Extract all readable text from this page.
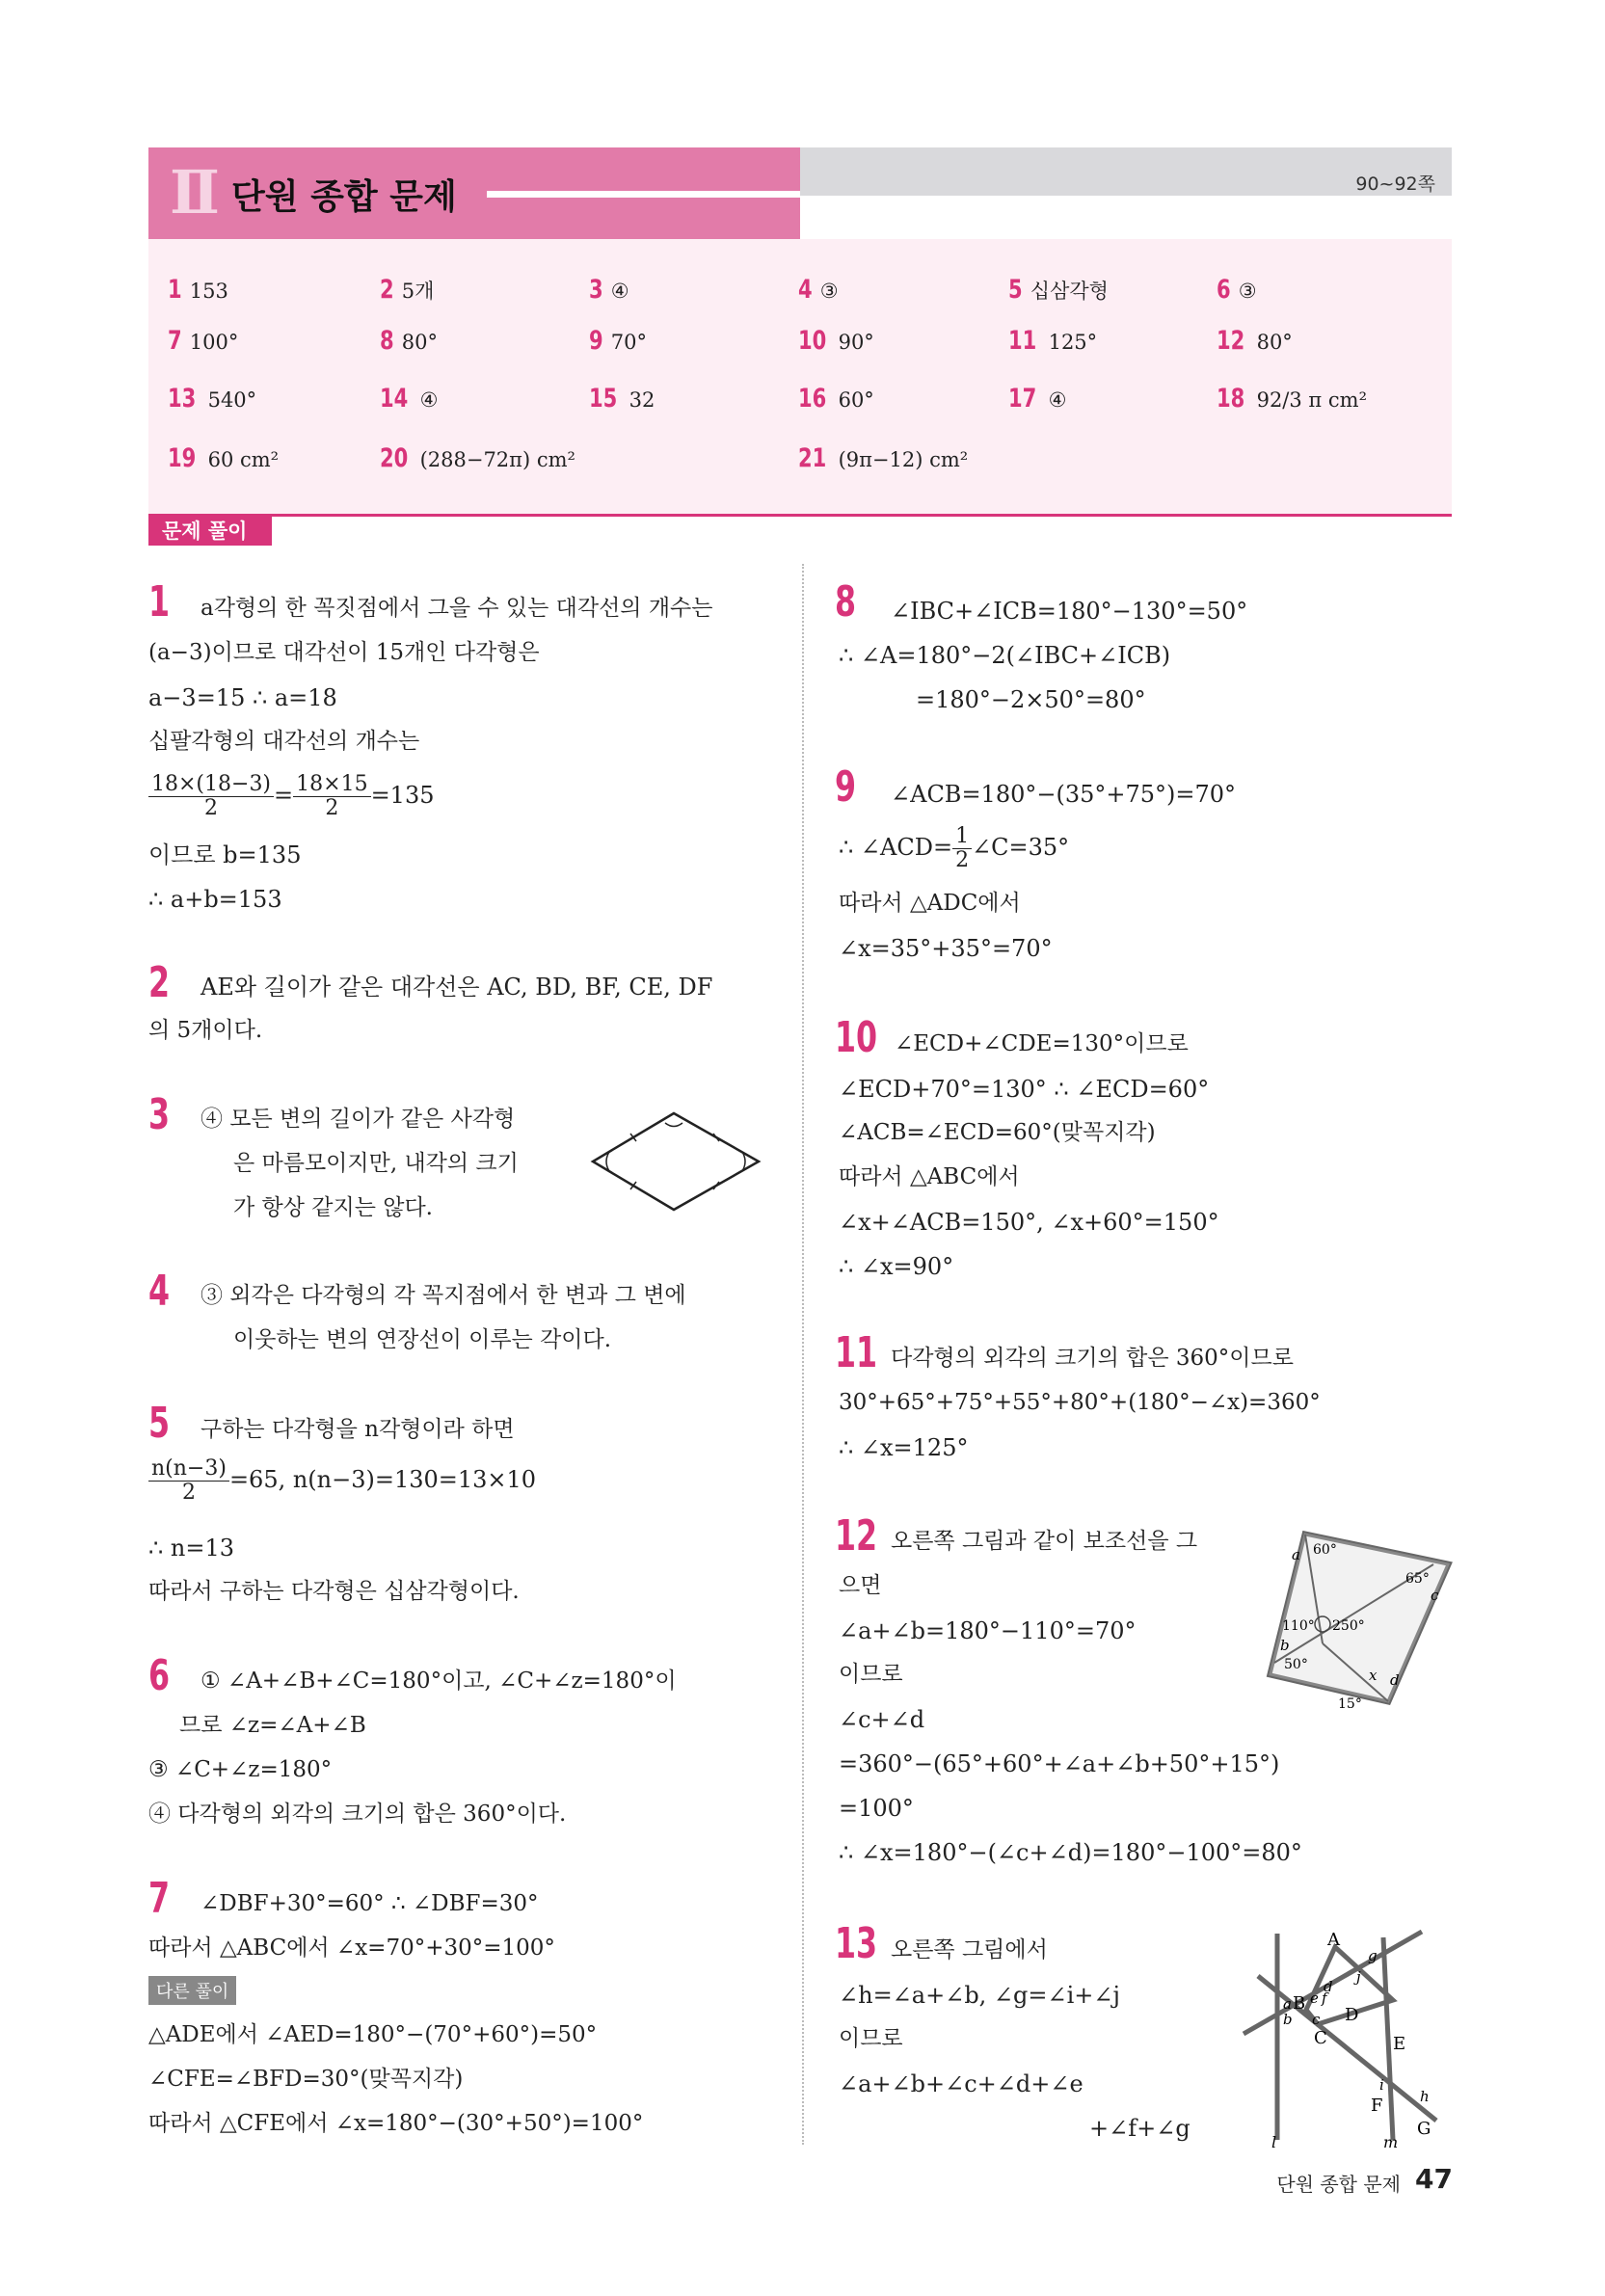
II 단원 종합 문제	90~92쪽
1 153	2 5개	3 ④	4 ③	5 십삼각형	6 ③
7 100°	8 80°	9 70°	10 90°	11 125°	12 80°
13 540°	14 ④	15 32	16 60°	17 ④	18 92/3 π cm²
19 60 cm²	20 (288−72π) cm²	21 (9π−12) cm²
문제 풀이
1 a각형의 한 꼭짓점에서 그을 수 있는 대각선의 개수는
(a−3)이므로 대각선이 15개인 다각형은
a−3=15 ∴ a=18
십팔각형의 대각선의 개수는
$\frac{18\times(18-3)}{2} = \frac{18\times 15}{2} =135$
이므로 b=135
∴ a+b=153
2 AE와 길이가 같은 대각선은 AC, BD, BF, CE, DF
의 5개이다.
3 ④ 모든 변의 길이가 같은 사각형
은 마름모이지만, 내각의 크기
가 항상 같지는 않다.
4 ③ 외각은 다각형의 각 꼭지점에서 한 변과 그 변에
이웃하는 변의 연장선이 이루는 각이다.
5 구하는 다각형을 n각형이라 하면
$\frac{n(n-3)}{2} =65$, n(n−3)=130=13×10
∴ n=13
따라서 구하는 다각형은 십삼각형이다.
6 ① ∠A+∠B+∠C=180°이고, ∠C+∠z=180°이
므로 ∠z=∠A+∠B
③ ∠C+∠z=180°
④ 다각형의 외각의 크기의 합은 360°이다.
7 ∠DBF+30°=60° ∴ ∠DBF=30°
따라서 △ABC에서 ∠x=70°+30°=100°
다른 풀이
△ADE에서 ∠AED=180°−(70°+60°)=50°
∠CFE=∠BFD=30°(맞꼭지각)
따라서 △CFE에서 ∠x=180°−(30°+50°)=100°
8 ∠IBC+∠ICB=180°−130°=50°
∴ ∠A=180°−2(∠IBC+∠ICB)
=180°−2×50°=80°
9 ∠ACB=180°−(35°+75°)=70°
∴ ∠ACD= $\frac{1}{2}$ ∠C=35°
따라서 △ADC에서
∠x=35°+35°=70°
10 ∠ECD+∠CDE=130°이므로
∠ECD+70°=130° ∴ ∠ECD=60°
∠ACB=∠ECD=60°(맞꼭지각)
따라서 △ABC에서
∠x+∠ACB=150°, ∠x+60°=150°
∴ ∠x=90°
11 다각형의 외각의 크기의 합은 360°이므로
30°+65°+75°+55°+80°+(180°−∠x)=360°
∴ ∠x=125°
12 오른쪽 그림과 같이 보조선을 그
으면
∠a+∠b=180°−110°=70°
이므로
∠c+∠d
=360°−(65°+60°+∠a+∠b+50°+15°)
=100°
∴ ∠x=180°−(∠c+∠d)=180°−100°=80°
a 60°
65°
c
110° 250°
b
50°
x d
15°
13 오른쪽 그림에서
∠h=∠a+∠b, ∠g=∠i+∠j
이므로
∠a+∠b+∠c+∠d+∠e
+∠f+∠g
A
B
C
D
E
F
G
a
b c
d
e f
g
h
i
j
l	m
단원 종합 문제 47
